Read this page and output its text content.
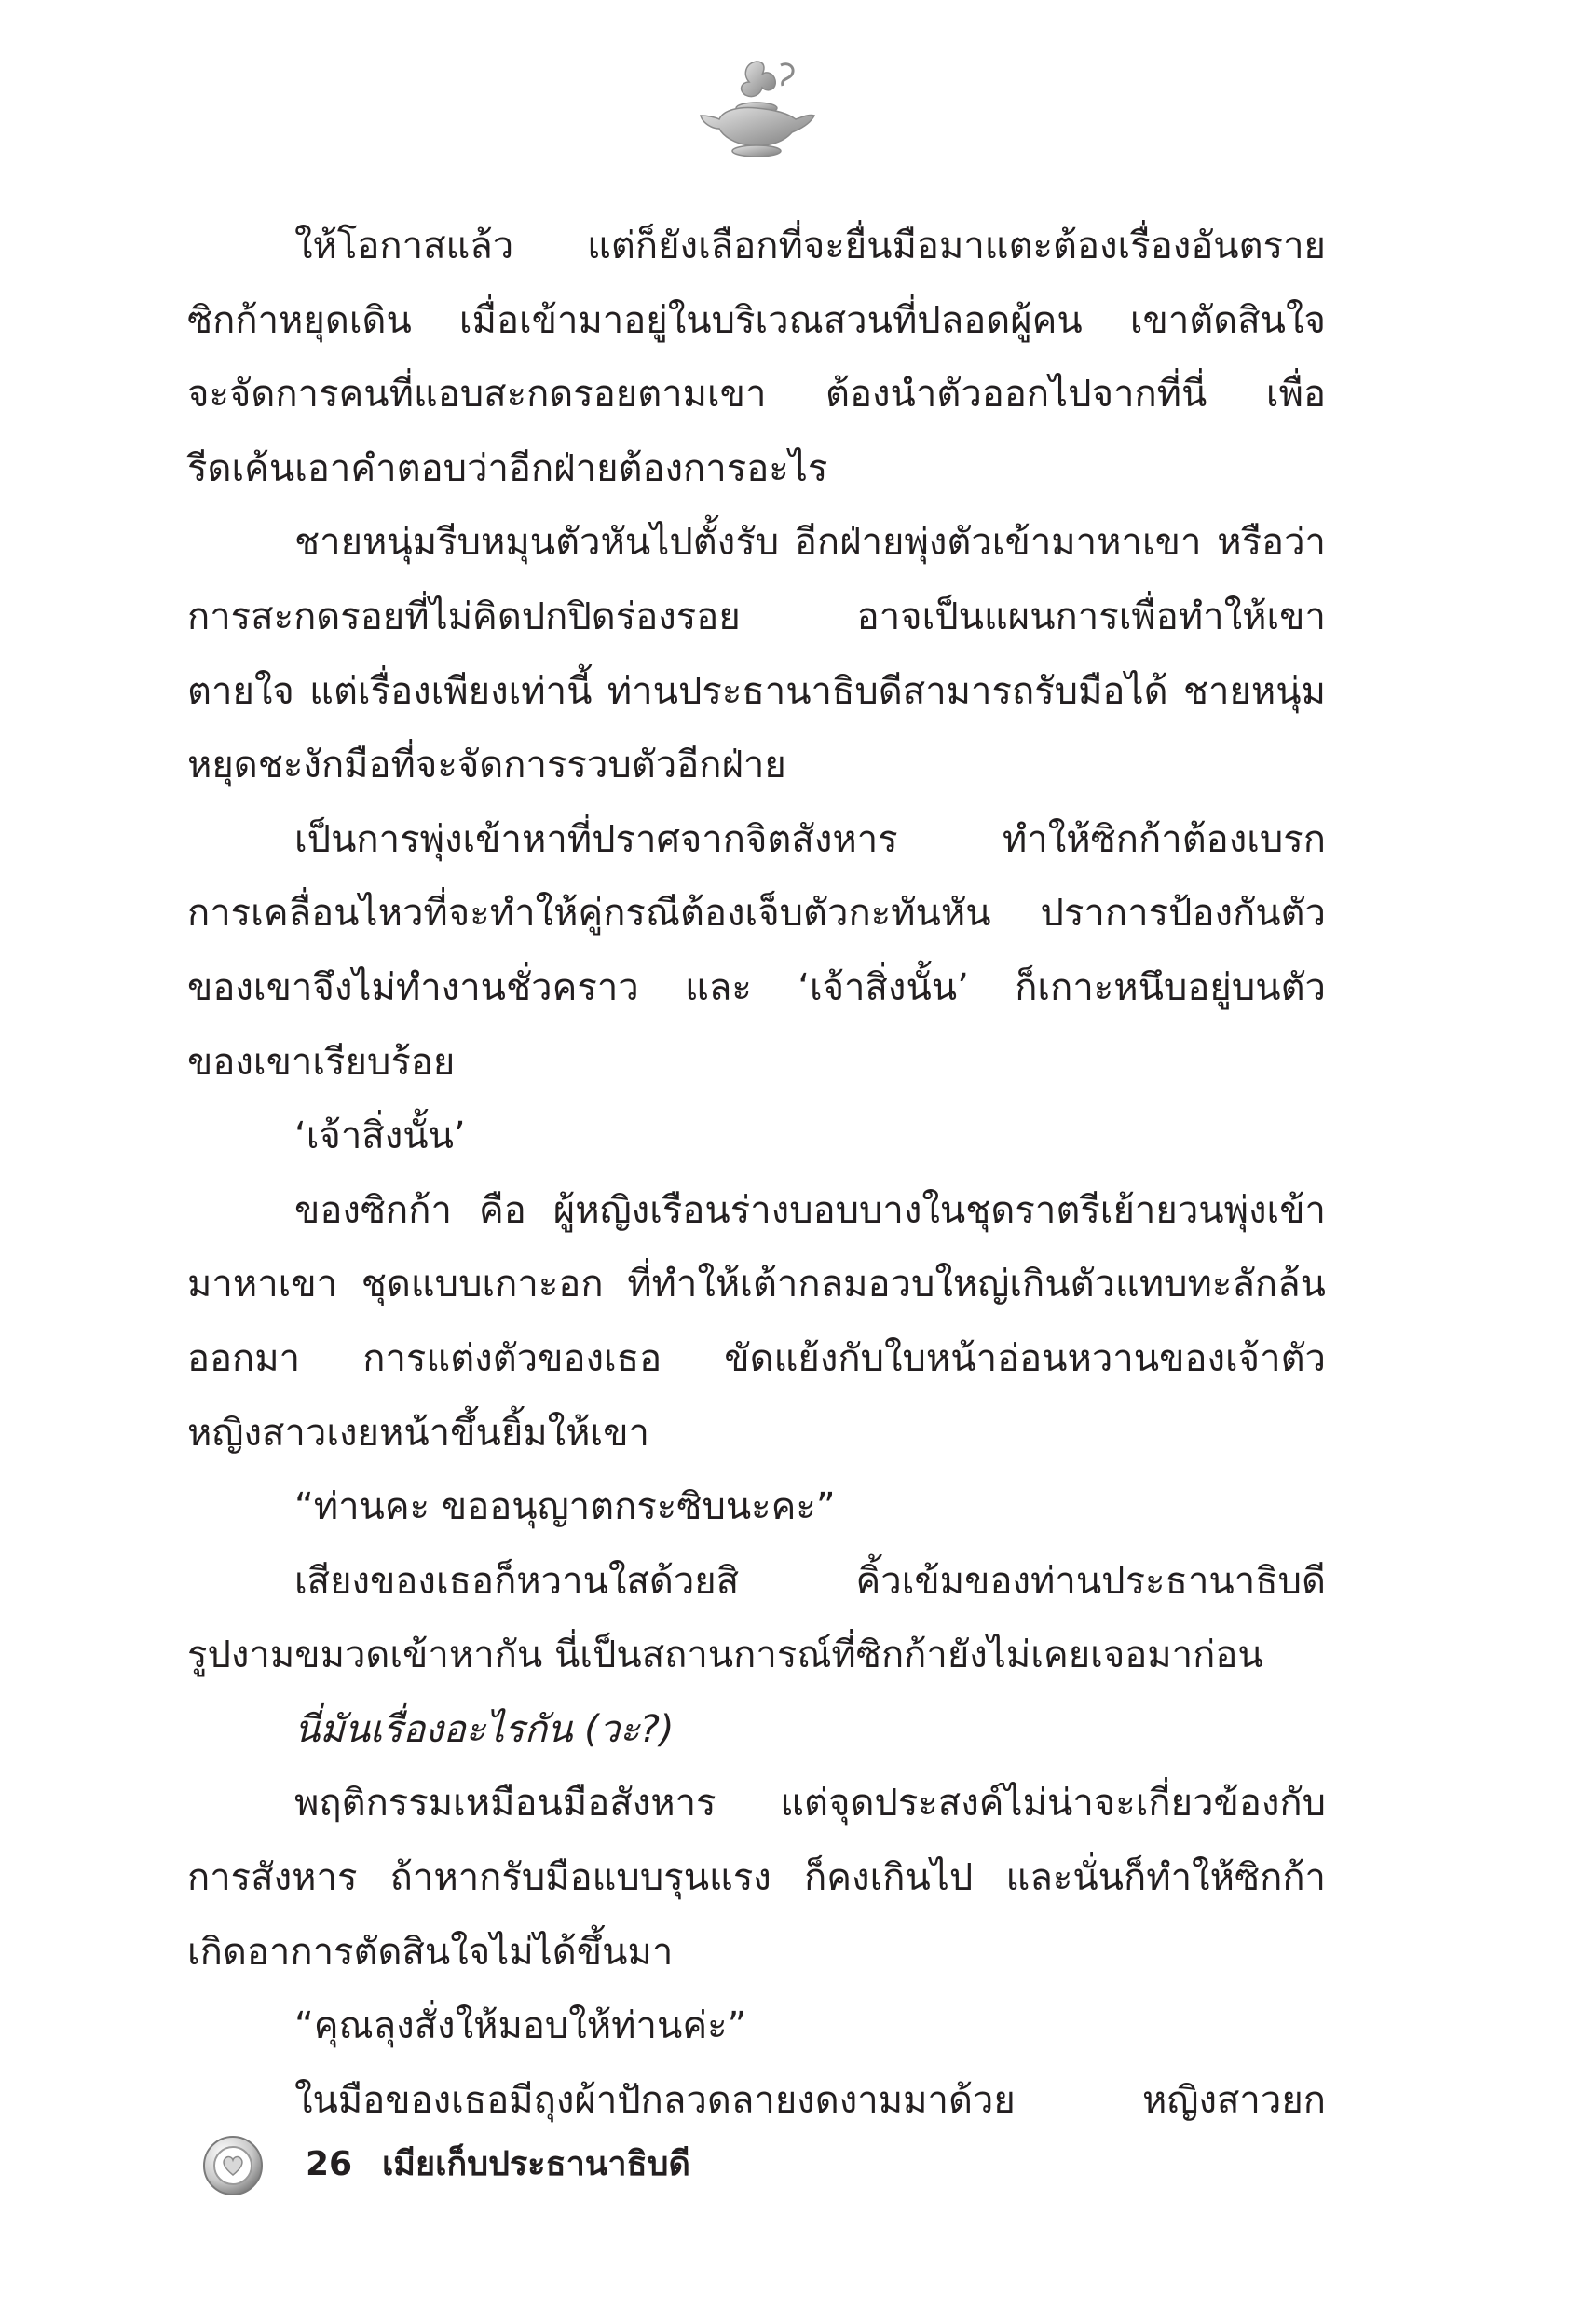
ให้โอกาสแล้ว แต่ก็ยังเลือกที่จะยื่นมือมาแตะต้องเรื่องอันตราย
ซิกก้าหยุดเดิน เมื่อเข้ามาอยู่ในบริเวณสวนที่ปลอดผู้คน เขาตัดสินใจ
จะจัดการคนที่แอบสะกดรอยตามเขา ต้องนำตัวออกไปจากที่นี่ เพื่อ
รีดเค้นเอาคำตอบว่าอีกฝ่ายต้องการอะไร
ชายหนุ่มรีบหมุนตัวหันไปตั้งรับ อีกฝ่ายพุ่งตัวเข้ามาหาเขา หรือว่า
การสะกดรอยที่ไม่คิดปกปิดร่องรอย อาจเป็นแผนการเพื่อทำให้เขา
ตายใจ แต่เรื่องเพียงเท่านี้ ท่านประธานาธิบดีสามารถรับมือได้ ชายหนุ่ม
หยุดชะงักมือที่จะจัดการรวบตัวอีกฝ่าย
เป็นการพุ่งเข้าหาที่ปราศจากจิตสังหาร ทำให้ซิกก้าต้องเบรก
การเคลื่อนไหวที่จะทำให้คู่กรณีต้องเจ็บตัวกะทันหัน ปราการป้องกันตัว
ของเขาจึงไม่ทำงานชั่วคราว และ ‘เจ้าสิ่งนั้น’ ก็เกาะหนึบอยู่บนตัว
ของเขาเรียบร้อย
‘เจ้าสิ่งนั้น’
ของซิกก้า คือ ผู้หญิงเรือนร่างบอบบางในชุดราตรีเย้ายวนพุ่งเข้า
มาหาเขา ชุดแบบเกาะอก ที่ทำให้เต้ากลมอวบใหญ่เกินตัวแทบทะลักล้น
ออกมา การแต่งตัวของเธอ ขัดแย้งกับใบหน้าอ่อนหวานของเจ้าตัว
หญิงสาวเงยหน้าขึ้นยิ้มให้เขา
“ท่านคะ ขออนุญาตกระซิบนะคะ”
เสียงของเธอก็หวานใสด้วยสิ คิ้วเข้มของท่านประธานาธิบดี
รูปงามขมวดเข้าหากัน นี่เป็นสถานการณ์ที่ซิกก้ายังไม่เคยเจอมาก่อน
นี่มันเรื่องอะไรกัน (วะ?)
พฤติกรรมเหมือนมือสังหาร แต่จุดประสงค์ไม่น่าจะเกี่ยวข้องกับ
การสังหาร ถ้าหากรับมือแบบรุนแรง ก็คงเกินไป และนั่นก็ทำให้ซิกก้า
เกิดอาการตัดสินใจไม่ได้ขึ้นมา
“คุณลุงสั่งให้มอบให้ท่านค่ะ”
ในมือของเธอมีถุงผ้าปักลวดลายงดงามมาด้วย หญิงสาวยก
26 เมียเก็บประธานาธิบดี
